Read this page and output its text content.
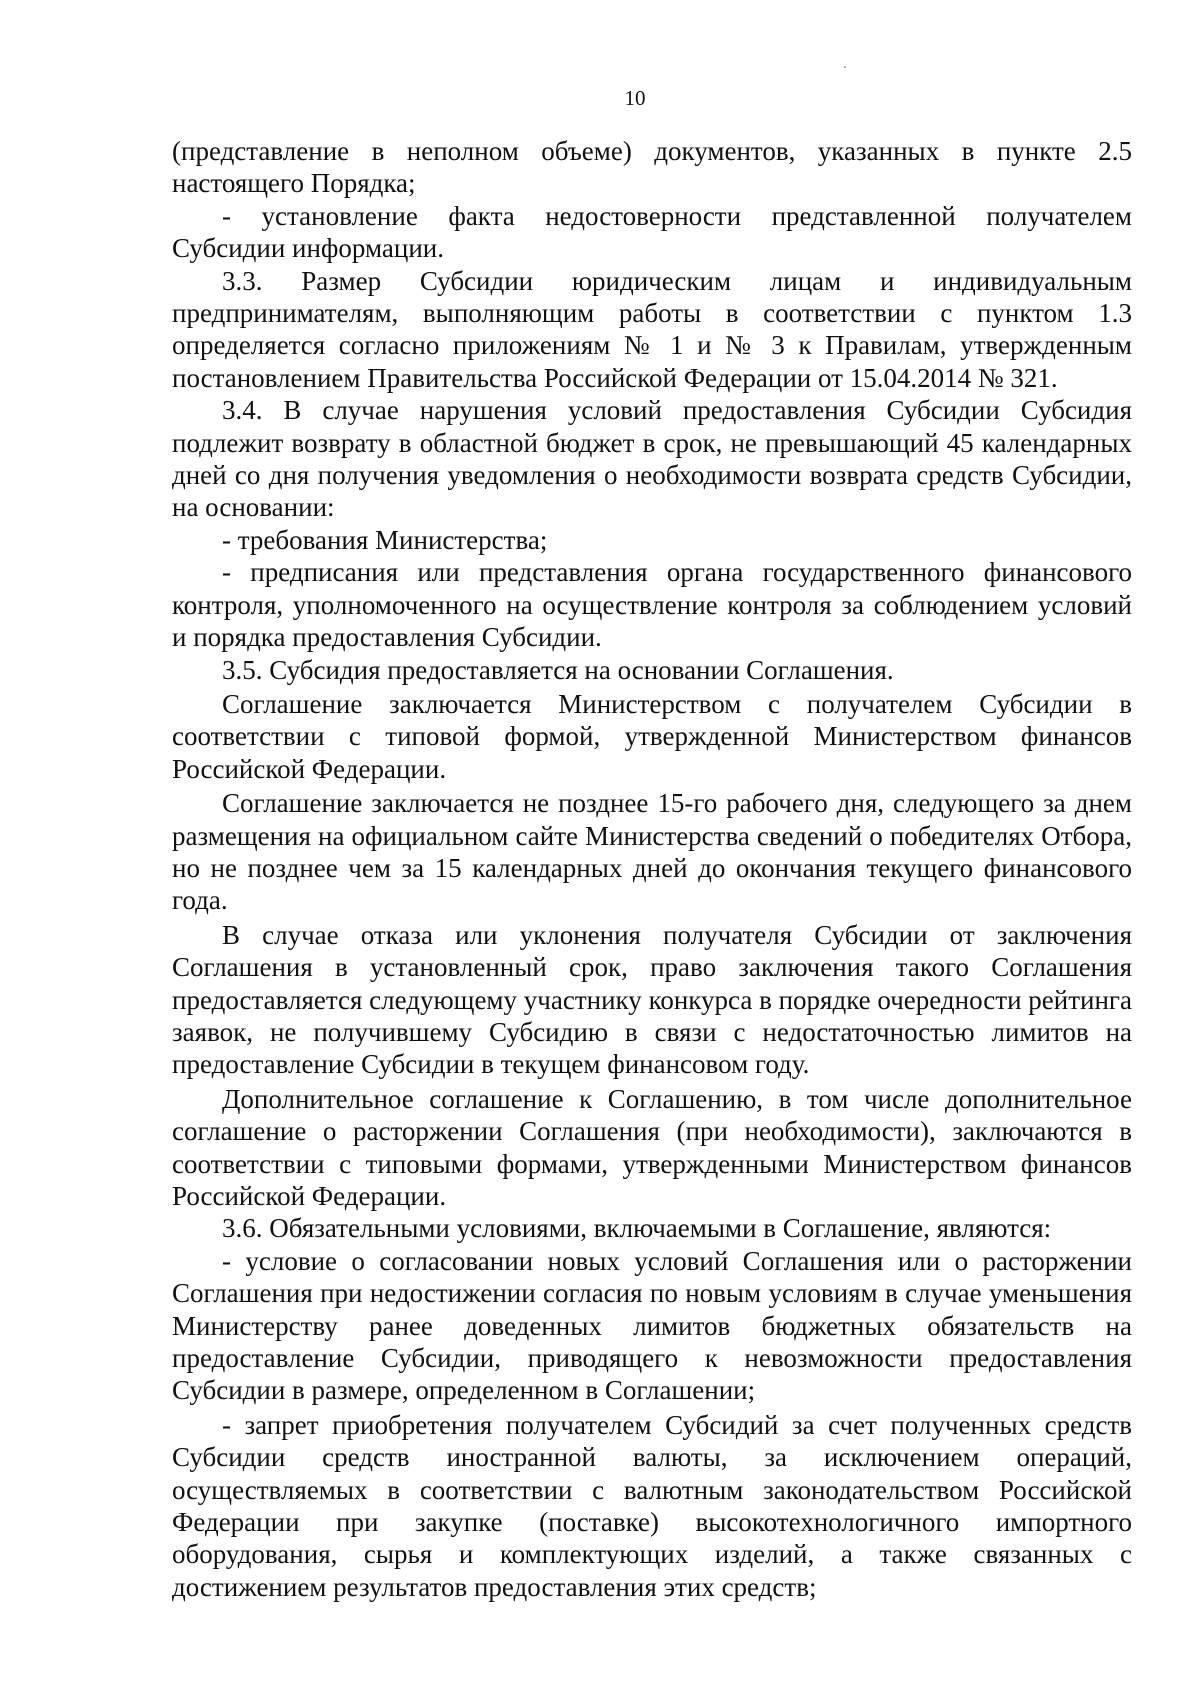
10

(представление в неполном объеме) документов, указанных в пункте 2.5 настоящего Порядка;

- установление факта недостоверности представленной получателем Субсидии информации.

3.3. Размер Субсидии юридическим лицам и индивидуальным предпринимателям, выполняющим работы в соответствии с пунктом 1.3 определяется согласно приложениям № 1 и № 3 к Правилам, утвержденным постановлением Правительства Российской Федерации от 15.04.2014 № 321.

3.4. В случае нарушения условий предоставления Субсидии Субсидия подлежит возврату в областной бюджет в срок, не превышающий 45 календарных дней со дня получения уведомления о необходимости возврата средств Субсидии, на основании:

- требования Министерства;

- предписания или представления органа государственного финансового контроля, уполномоченного на осуществление контроля за соблюдением условий и порядка предоставления Субсидии.

3.5. Субсидия предоставляется на основании Соглашения.

Соглашение заключается Министерством с получателем Субсидии в соответствии с типовой формой, утвержденной Министерством финансов Российской Федерации.

Соглашение заключается не позднее 15-го рабочего дня, следующего за днем размещения на официальном сайте Министерства сведений о победителях Отбора, но не позднее чем за 15 календарных дней до окончания текущего финансового года.

В случае отказа или уклонения получателя Субсидии от заключения Соглашения в установленный срок, право заключения такого Соглашения предоставляется следующему участнику конкурса в порядке очередности рейтинга заявок, не получившему Субсидию в связи с недостаточностью лимитов на предоставление Субсидии в текущем финансовом году.

Дополнительное соглашение к Соглашению, в том числе дополнительное соглашение о расторжении Соглашения (при необходимости), заключаются в соответствии с типовыми формами, утвержденными Министерством финансов Российской Федерации.

3.6. Обязательными условиями, включаемыми в Соглашение, являются:

- условие о согласовании новых условий Соглашения или о расторжении Соглашения при недостижении согласия по новым условиям в случае уменьшения Министерству ранее доведенных лимитов бюджетных обязательств на предоставление Субсидии, приводящего к невозможности предоставления Субсидии в размере, определенном в Соглашении;

- запрет приобретения получателем Субсидий за счет полученных средств Субсидии средств иностранной валюты, за исключением операций, осуществляемых в соответствии с валютным законодательством Российской Федерации при закупке (поставке) высокотехнологичного импортного оборудования, сырья и комплектующих изделий, а также связанных с достижением результатов предоставления этих средств;
